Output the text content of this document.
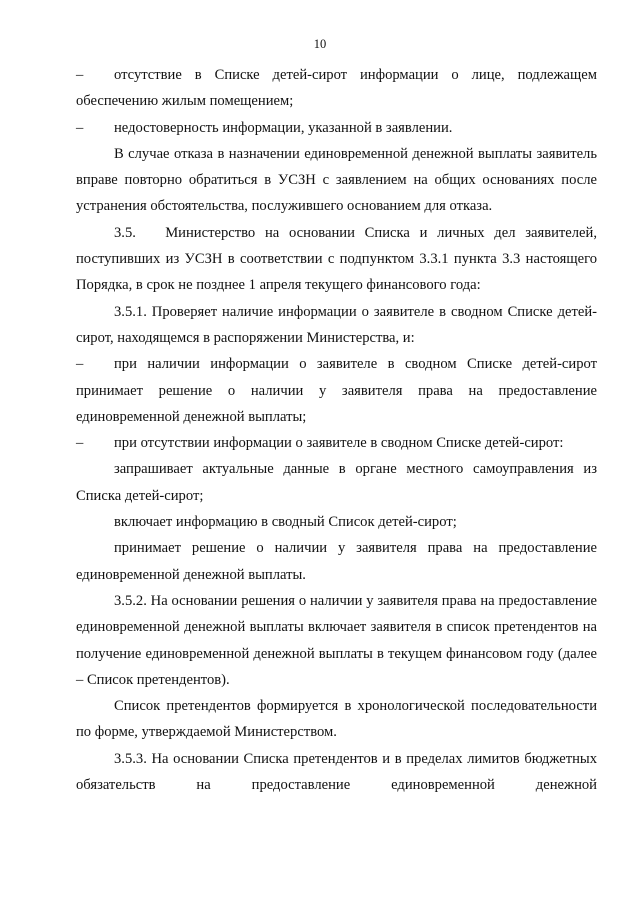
10

– отсутствие в Списке детей-сирот информации о лице, подлежащем обеспечению жилым помещением;

– недостоверность информации, указанной в заявлении.

В случае отказа в назначении единовременной денежной выплаты заявитель вправе повторно обратиться в УСЗН с заявлением на общих основаниях после устранения обстоятельства, послужившего основанием для отказа.

3.5.   Министерство на основании Списка и личных дел заявителей, поступивших из УСЗН в соответствии с подпунктом 3.3.1 пункта 3.3 настоящего Порядка, в срок не позднее 1 апреля текущего финансового года:

3.5.1. Проверяет наличие информации о заявителе в сводном Списке детей-сирот, находящемся в распоряжении Министерства, и:

– при наличии информации о заявителе в сводном Списке детей-сирот принимает решение о наличии у заявителя права на предоставление единовременной денежной выплаты;

– при отсутствии информации о заявителе в сводном Списке детей-сирот:

запрашивает актуальные данные в органе местного самоуправления из Списка детей-сирот;

включает информацию в сводный Список детей-сирот;

принимает решение о наличии у заявителя права на предоставление единовременной денежной выплаты.

3.5.2. На основании решения о наличии у заявителя права на предоставление единовременной денежной выплаты включает заявителя в список претендентов на получение единовременной денежной выплаты в текущем финансовом году (далее – Список претендентов).

Список претендентов формируется в хронологической последовательности по форме, утверждаемой Министерством.

3.5.3. На основании Списка претендентов и в пределах лимитов бюджетных обязательств на предоставление единовременной денежной
